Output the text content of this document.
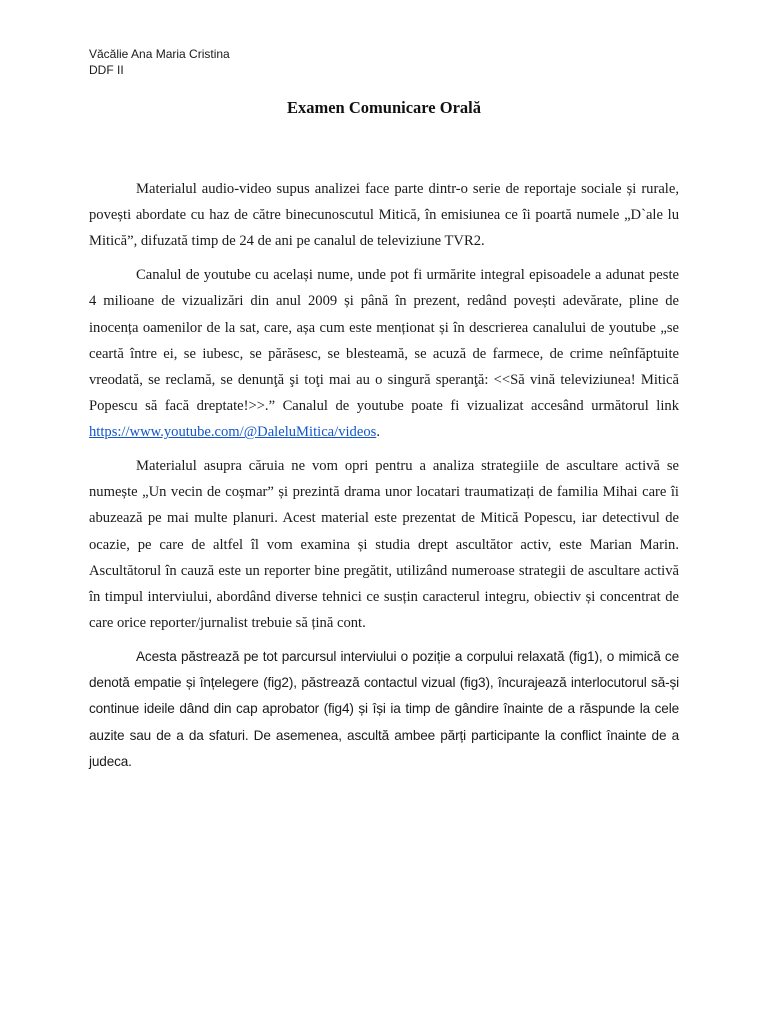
Văcălie Ana Maria Cristina
DDF II
Examen Comunicare Orală

Materialul audio-video supus analizei face parte dintr-o serie de reportaje sociale și rurale, povești abordate cu haz de către binecunoscutul Mitică, în emisiunea ce îi poartă numele „D`ale lu Mitică”, difuzată timp de 24 de ani pe canalul de televiziune TVR2.

Canalul de youtube cu același nume, unde pot fi urmărite integral episoadele a adunat peste 4 milioane de vizualizări din anul 2009 și până în prezent, redând povești adevărate, pline de inocența oamenilor de la sat, care, așa cum este menționat și în descrierea canalului de youtube „se ceartă între ei, se iubesc, se părăsesc, se blesteamă, se acuză de farmece, de crime neînfăptuite vreodată, se reclamă, se denunţă şi toţi mai au o singură speranţă: <<Să vină televiziunea! Mitică Popescu să facă dreptate!>>.” Canalul de youtube poate fi vizualizat accesând următorul link https://www.youtube.com/@DaleluMitica/videos.

Materialul asupra căruia ne vom opri pentru a analiza strategiile de ascultare activă se numește „Un vecin de coșmar” și prezintă drama unor locatari traumatizați de familia Mihai care îi abuzează pe mai multe planuri. Acest material este prezentat de Mitică Popescu, iar detectivul de ocazie, pe care de altfel îl vom examina și studia drept ascultător activ, este Marian Marin. Ascultătorul în cauză este un reporter bine pregătit, utilizând numeroase strategii de ascultare activă în timpul interviului, abordând diverse tehnici ce susțin caracterul integru, obiectiv și concentrat de care orice reporter/jurnalist trebuie să țină cont.

Acesta păstrează pe tot parcursul interviului o poziție a corpului relaxată (fig1), o mimică ce denotă empatie și înțelegere (fig2), păstrează contactul vizual (fig3), încurajează interlocutorul să-și continue ideile dând din cap aprobator (fig4) și își ia timp de gândire înainte de a răspunde la cele auzite sau de a da sfaturi. De asemenea, ascultă ambee părți participante la conflict înainte de a judeca.
